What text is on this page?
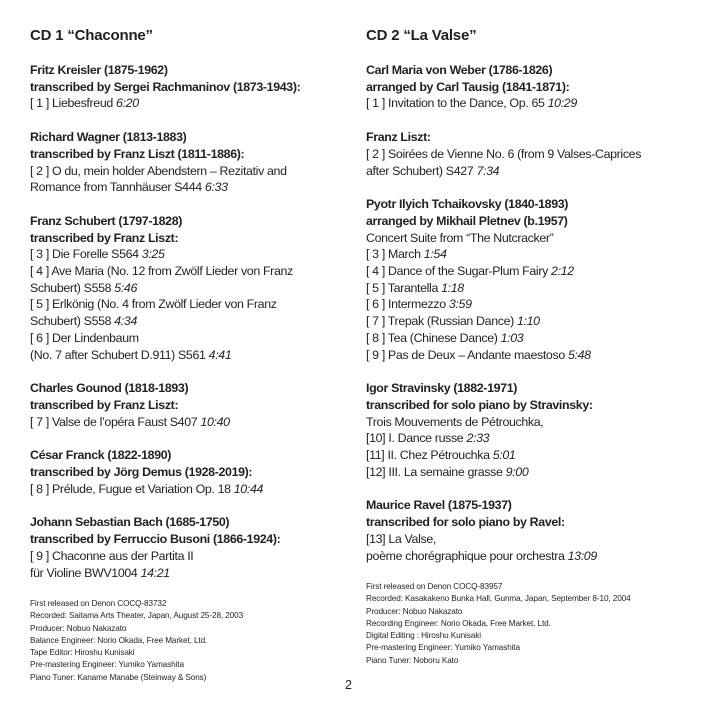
CD 1 “Chaconne”
Fritz Kreisler (1875-1962)
transcribed by Sergei Rachmaninov (1873-1943):
[ 1 ] Liebesfreud 6:20
Richard Wagner (1813-1883)
transcribed by Franz Liszt (1811-1886):
[ 2 ] O du, mein holder Abendstern – Rezitativ and
Romance from Tannhäuser S444 6:33
Franz Schubert (1797-1828)
transcribed by Franz Liszt:
[ 3 ] Die Forelle S564 3:25
[ 4 ] Ave Maria (No. 12 from Zwölf Lieder von Franz
Schubert) S558 5:46
[ 5 ] Erlkönig (No. 4 from Zwölf Lieder von Franz
Schubert) S558 4:34
[ 6 ] Der Lindenbaum
(No. 7 after Schubert D.911) S561 4:41
Charles Gounod (1818-1893)
transcribed by Franz Liszt:
[ 7 ] Valse de l’opéra Faust S407 10:40
César Franck (1822-1890)
transcribed by Jörg Demus (1928-2019):
[ 8 ] Prélude, Fugue et Variation Op. 18 10:44
Johann Sebastian Bach (1685-1750)
transcribed by Ferruccio Busoni (1866-1924):
[ 9 ] Chaconne aus der Partita II
für Violine BWV1004 14:21
First released on Denon COCQ-83732
Recorded: Saitama Arts Theater, Japan, August 25-28, 2003
Producer: Nobuo Nakazato
Balance Engineer: Norio Okada, Free Market, Ltd.
Tape Editor: Hiroshu Kunisaki
Pre-mastering Engineer: Yumiko Yamashita
Piano Tuner: Kaname Manabe (Steinway & Sons)
CD 2 “La Valse”
Carl Maria von Weber (1786-1826)
arranged by Carl Tausig (1841-1871):
[ 1 ] Invitation to the Dance, Op. 65 10:29
Franz Liszt:
[ 2 ] Soirées de Vienne No. 6 (from 9 Valses-Caprices
after Schubert) S427 7:34
Pyotr Ilyich Tchaikovsky (1840-1893)
arranged by Mikhail Pletnev (b.1957)
Concert Suite from “The Nutcracker”
[ 3 ] March 1:54
[ 4 ] Dance of the Sugar-Plum Fairy 2:12
[ 5 ] Tarantella 1:18
[ 6 ] Intermezzo 3:59
[ 7 ] Trepak (Russian Dance) 1:10
[ 8 ] Tea (Chinese Dance) 1:03
[ 9 ] Pas de Deux – Andante maestoso 5:48
Igor Stravinsky (1882-1971)
transcribed for solo piano by Stravinsky:
Trois Mouvements de Pétrouchka,
[10] I. Dance russe 2:33
[11] II. Chez Pétrouchka 5:01
[12] III. La semaine grasse 9:00
Maurice Ravel (1875-1937)
transcribed for solo piano by Ravel:
[13] La Valse,
poème chorégraphique pour orchestra 13:09
First released on Denon COCQ-83957
Recorded: Kasakakeno Bunka Hall, Gunma, Japan, September 8-10, 2004
Producer: Nobuo Nakazato
Recording Engineer: Norio Okada, Free Market, Ltd.
Digital Editing : Hiroshu Kunisaki
Pre-mastering Engineer: Yumiko Yamashita
Piano Tuner: Noboru Kato
2
